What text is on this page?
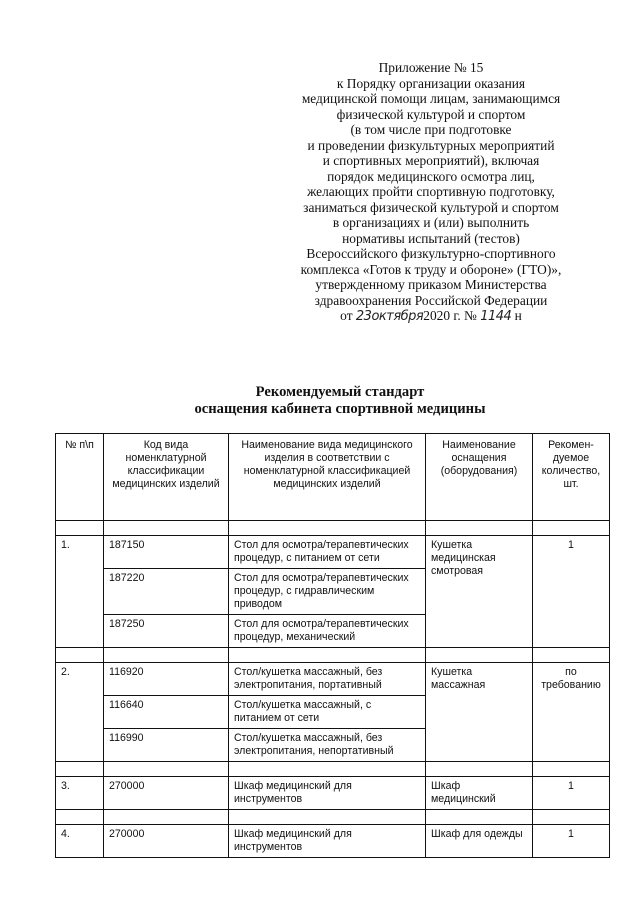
Приложение № 15
к Порядку организации оказания
медицинской помощи лицам, занимающимся
физической культурой и спортом
(в том числе при подготовке
и проведении физкультурных мероприятий
и спортивных мероприятий), включая
порядок медицинского осмотра лиц,
желающих пройти спортивную подготовку,
заниматься физической культурой и спортом
в организациях и (или) выполнить
нормативы испытаний (тестов)
Всероссийского физкультурно-спортивного
комплекса «Готов к труду и обороне» (ГТО)»,
утвержденному приказом Министерства
здравоохранения Российской Федерации
от 23октября2020 г. № 1144 н
Рекомендуемый стандарт
оснащения кабинета спортивной медицины
№ п\п	Код вида номенклатурной классификации медицинских изделий	Наименование вида медицинского изделия в соответствии с номенклатурной классификацией медицинских изделий	Наименование оснащения (оборудования)	Рекомен-дуемое количество, шт.

1.	187150	Стол для осмотра/терапевтических процедур, с питанием от сети	Кушетка медицинская смотровая	1
	187220	Стол для осмотра/терапевтических процедур, с гидравлическим приводом		
	187250	Стол для осмотра/терапевтических процедур, механический		

2.	116920	Стол/кушетка массажный, без электропитания, портативный	Кушетка массажная	по требованию
	116640	Стол/кушетка массажный, с питанием от сети		
	116990	Стол/кушетка массажный, без электропитания, непортативный		

3.	270000	Шкаф медицинский для инструментов	Шкаф медицинский	1

4.	270000	Шкаф медицинский для инструментов	Шкаф для одежды	1
